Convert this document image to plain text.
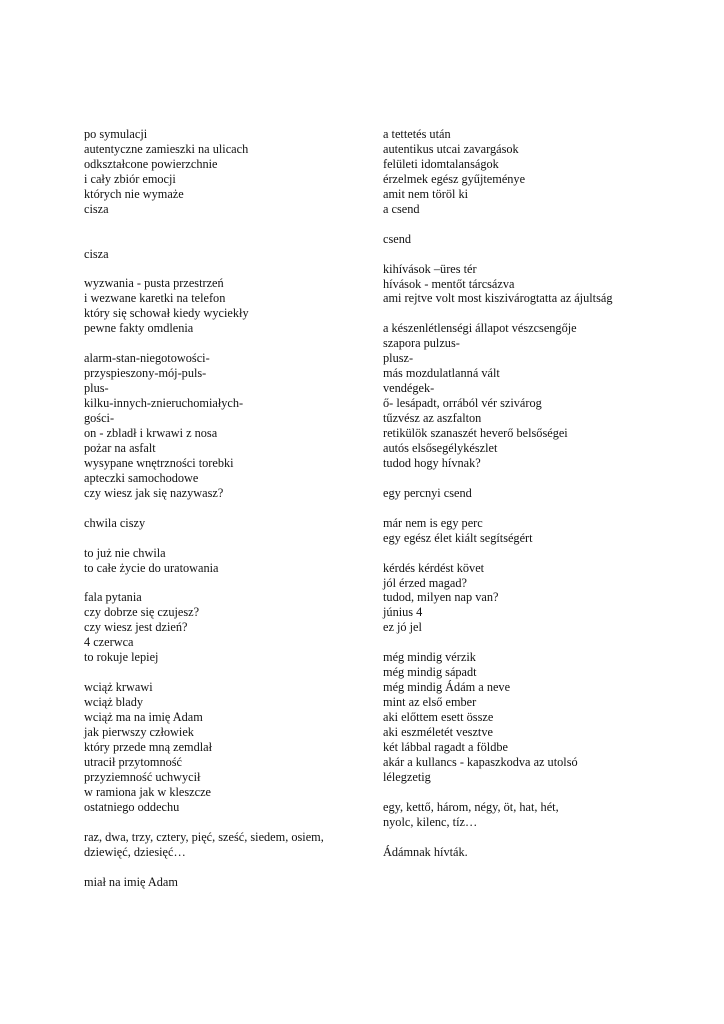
po symulacji
autentyczne zamieszki na ulicach
odkształcone powierzchnie
i cały zbiór emocji
których nie wymaże
cisza
cisza
wyzwania - pusta przestrzeń
i wezwane karetki na telefon
który się schował kiedy wyciekły
pewne fakty omdlenia
alarm-stan-niegotowości-
przyspieszony-mój-puls-
plus-
kilku-innych-znieruchomiałych-
gości-
on - zbladł i krwawi z nosa
pożar na asfalt
wysypane wnętrzności torebki
apteczki samochodowe
czy wiesz jak się nazywasz?
chwila ciszy
to już nie chwila
to całe życie do uratowania
fala pytania
czy dobrze się czujesz?
czy wiesz jest dzień?
4 czerwca
to rokuje lepiej
wciąż krwawi
wciąż blady
wciąż ma na imię Adam
jak pierwszy człowiek
który przede mną zemdlał
utracił przytomność
przyziemność uchwycił
w ramiona jak w kleszcze
ostatniego oddechu
raz, dwa, trzy, cztery, pięć, sześć, siedem, osiem,
dziewięć, dziesięć…
miał na imię Adam
a tettetés után
autentikus utcai zavargások
felületi idomtalanságok
érzelmek egész gyűjteménye
amit nem töröl ki
a csend
csend
kihívások –üres tér
hívások - mentőt tárcsázva
ami rejtve volt most kiszivárogtatta az ájultság
a készenlétlenségi állapot vészcsengője
szapora pulzus-
plusz-
más mozdulatlanná vált
vendégek-
ő- lesápadt, orrából vér szivárog
tűzvész az aszfalton
retikülök szanaszét heverő belsőségei
autós elsősegélykészlet
tudod hogy hívnak?
egy percnyi csend
már nem is egy perc
egy egész élet kiált segítségért
kérdés kérdést követ
jól érzed magad?
tudod, milyen nap van?
június 4
ez jó jel
még mindig vérzik
még mindig sápadt
még mindig Ádám a neve
mint az első ember
aki előttem esett össze
aki eszméletét vesztve
két lábbal ragadt a földbe
akár a kullancs - kapaszkodva az utolsó
lélegzetig
egy, kettő, három, négy, öt, hat, hét,
nyolc, kilenc, tíz…
Ádámnak hívták.
